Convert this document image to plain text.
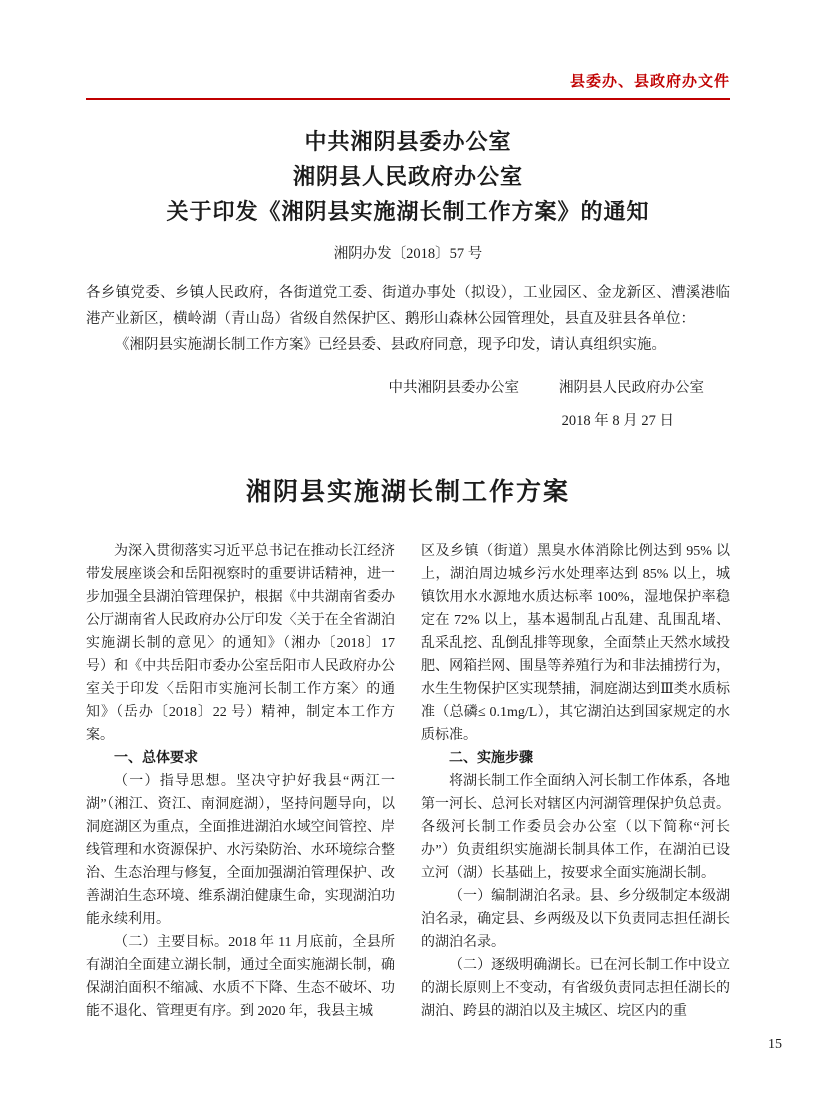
县委办、县政府办文件
中共湘阴县委办公室
湘阴县人民政府办公室
关于印发《湘阴县实施湖长制工作方案》的通知
湘阴办发〔2018〕57 号

各乡镇党委、乡镇人民政府，各街道党工委、街道办事处（拟设），工业园区、金龙新区、漕溪港临港产业新区，横岭湖（青山岛）省级自然保护区、鹅形山森林公园管理处，县直及驻县各单位：

《湘阴县实施湖长制工作方案》已经县委、县政府同意，现予印发，请认真组织实施。

中共湘阴县委办公室	湘阴县人民政府办公室
2018 年 8 月 27 日
湘阴县实施湖长制工作方案

为深入贯彻落实习近平总书记在推动长江经济带发展座谈会和岳阳视察时的重要讲话精神，进一步加强全县湖泊管理保护，根据《中共湖南省委办公厅湖南省人民政府办公厅印发〈关于在全省湖泊实施湖长制的意见〉的通知》（湘办〔2018〕17 号）和《中共岳阳市委办公室岳阳市人民政府办公室关于印发〈岳阳市实施河长制工作方案〉的通知》（岳办〔2018〕22 号）精神，制定本工作方案。

一、总体要求

（一）指导思想。坚决守护好我县“两江一湖”（湘江、资江、南洞庭湖），坚持问题导向，以洞庭湖区为重点，全面推进湖泊水域空间管控、岸线管理和水资源保护、水污染防治、水环境综合整治、生态治理与修复，全面加强湖泊管理保护、改善湖泊生态环境、维系湖泊健康生命，实现湖泊功能永续利用。

（二）主要目标。2018 年 11 月底前，全县所有湖泊全面建立湖长制，通过全面实施湖长制，确保湖泊面积不缩减、水质不下降、生态不破坏、功能不退化、管理更有序。到 2020 年，我县主城

区及乡镇（街道）黑臭水体消除比例达到 95% 以上，湖泊周边城乡污水处理率达到 85% 以上，城镇饮用水水源地水质达标率 100%，湿地保护率稳定在 72% 以上，基本遏制乱占乱建、乱围乱堵、乱采乱挖、乱倒乱排等现象，全面禁止天然水域投肥、网箱拦网、围垦等养殖行为和非法捕捞行为，水生生物保护区实现禁捕，洞庭湖达到Ⅲ类水质标准（总磷≤ 0.1mg/L），其它湖泊达到国家规定的水质标准。

二、实施步骤

将湖长制工作全面纳入河长制工作体系，各地第一河长、总河长对辖区内河湖管理保护负总责。各级河长制工作委员会办公室（以下简称“河长办”）负责组织实施湖长制具体工作，在湖泊已设立河（湖）长基础上，按要求全面实施湖长制。

（一）编制湖泊名录。县、乡分级制定本级湖泊名录，确定县、乡两级及以下负责同志担任湖长的湖泊名录。

（二）逐级明确湖长。已在河长制工作中设立的湖长原则上不变动，有省级负责同志担任湖长的湖泊、跨县的湖泊以及主城区、垸区内的重

15
